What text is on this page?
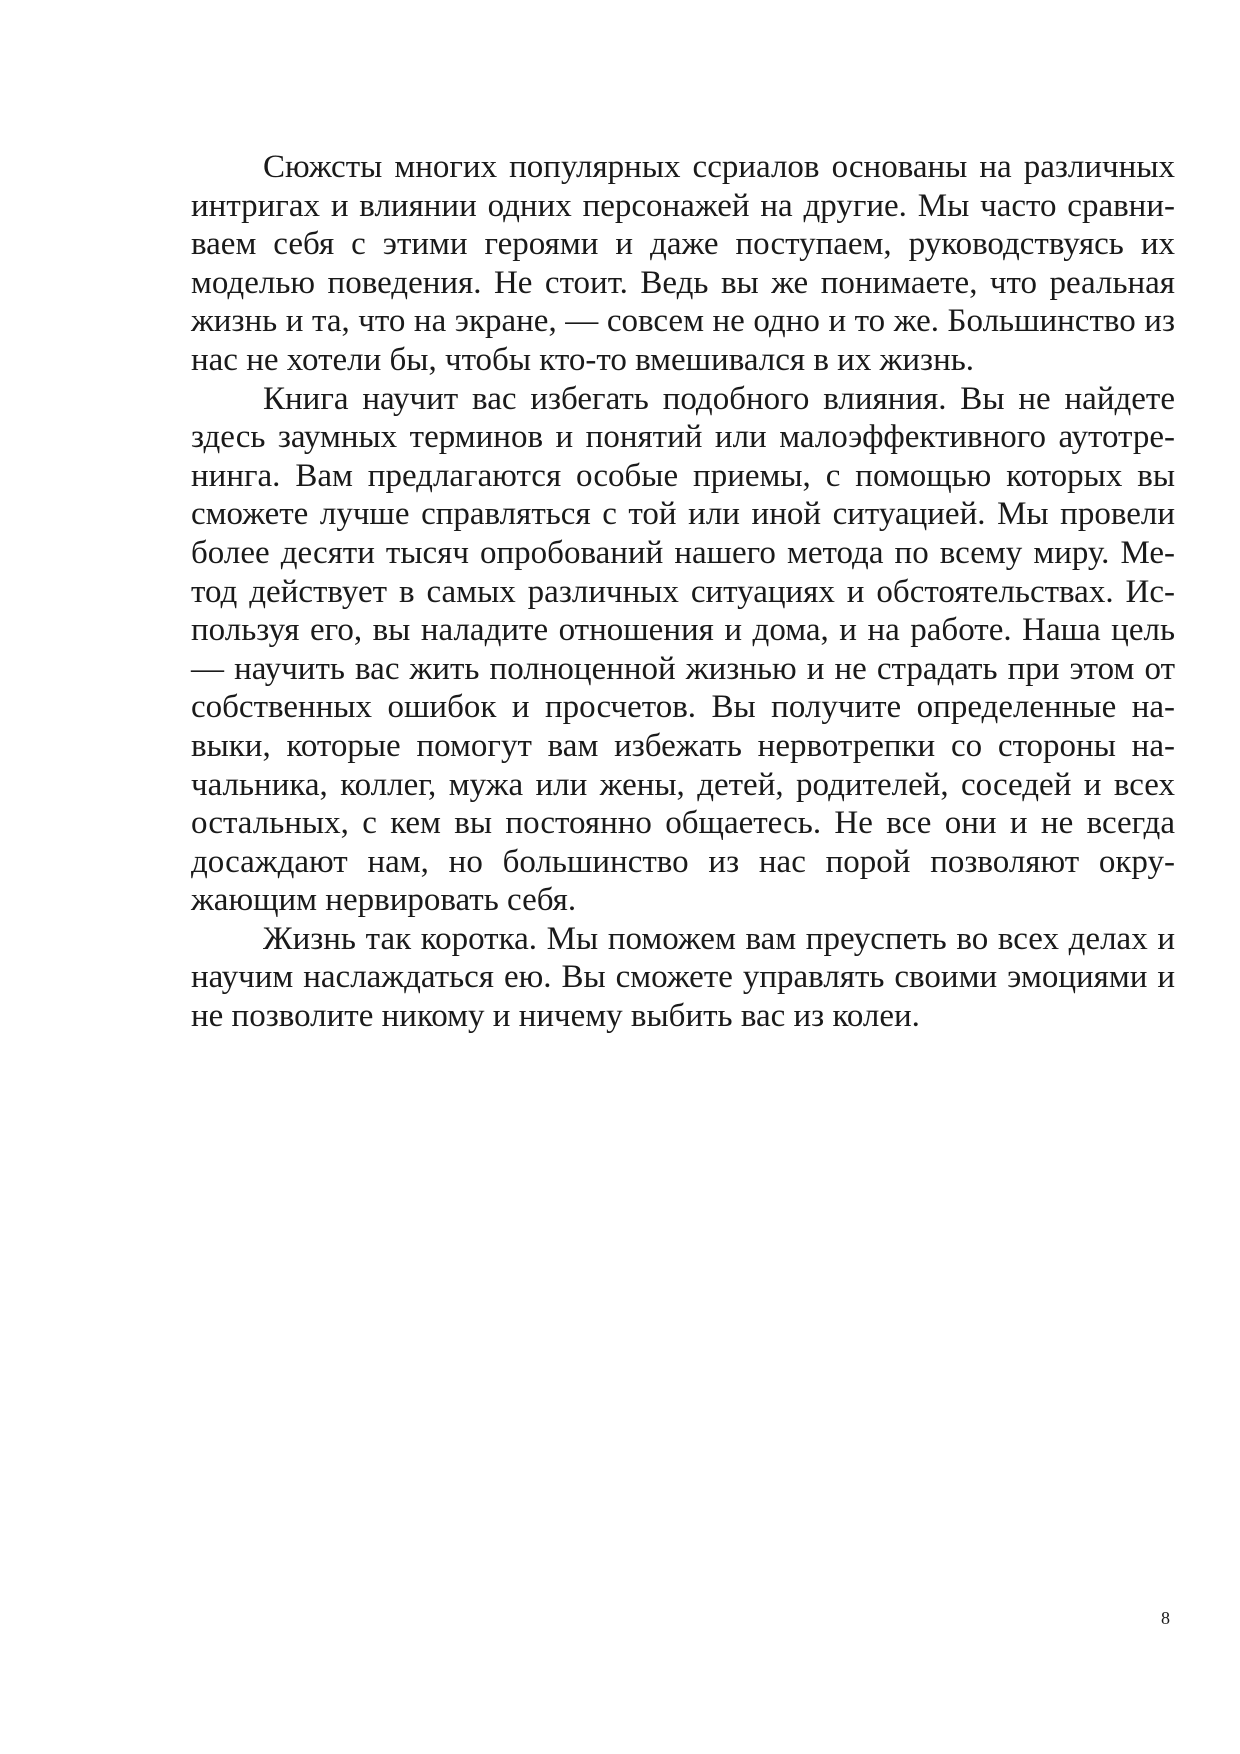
Сюжсты многих популярных ссриалов основаны на различных интригах и влиянии одних персонажей на другие. Мы часто сравниваем себя с этими героями и даже поступаем, руководствуясь их моделью поведения. Не стоит. Ведь вы же понимаете, что реальная жизнь и та, что на экране, — совсем не одно и то же. Большинство из нас не хотели бы, чтобы кто-то вмешивался в их жизнь.

Книга научит вас избегать подобного влияния. Вы не найдете здесь заумных терминов и понятий или малоэффективного аутотренинга. Вам предлагаются особые приемы, с помощью которых вы сможете лучше справляться с той или иной ситуацией. Мы провели более десяти тысяч опробований нашего метода по всему миру. Метод действует в самых различных ситуациях и обстоятельствах. Используя его, вы наладите отношения и дома, и на работе. Наша цель — научить вас жить полноценной жизнью и не страдать при этом от собственных ошибок и просчетов. Вы получите определенные навыки, которые помогут вам избежать нервотрепки со стороны начальника, коллег, мужа или жены, детей, родителей, соседей и всех остальных, с кем вы постоянно общаетесь. Не все они и не всегда досаждают нам, но большинство из нас порой позволяют окружающим нервировать себя.

Жизнь так коротка. Мы поможем вам преуспеть во всех делах и научим наслаждаться ею. Вы сможете управлять своими эмоциями и не позволите никому и ничему выбить вас из колеи.

8
